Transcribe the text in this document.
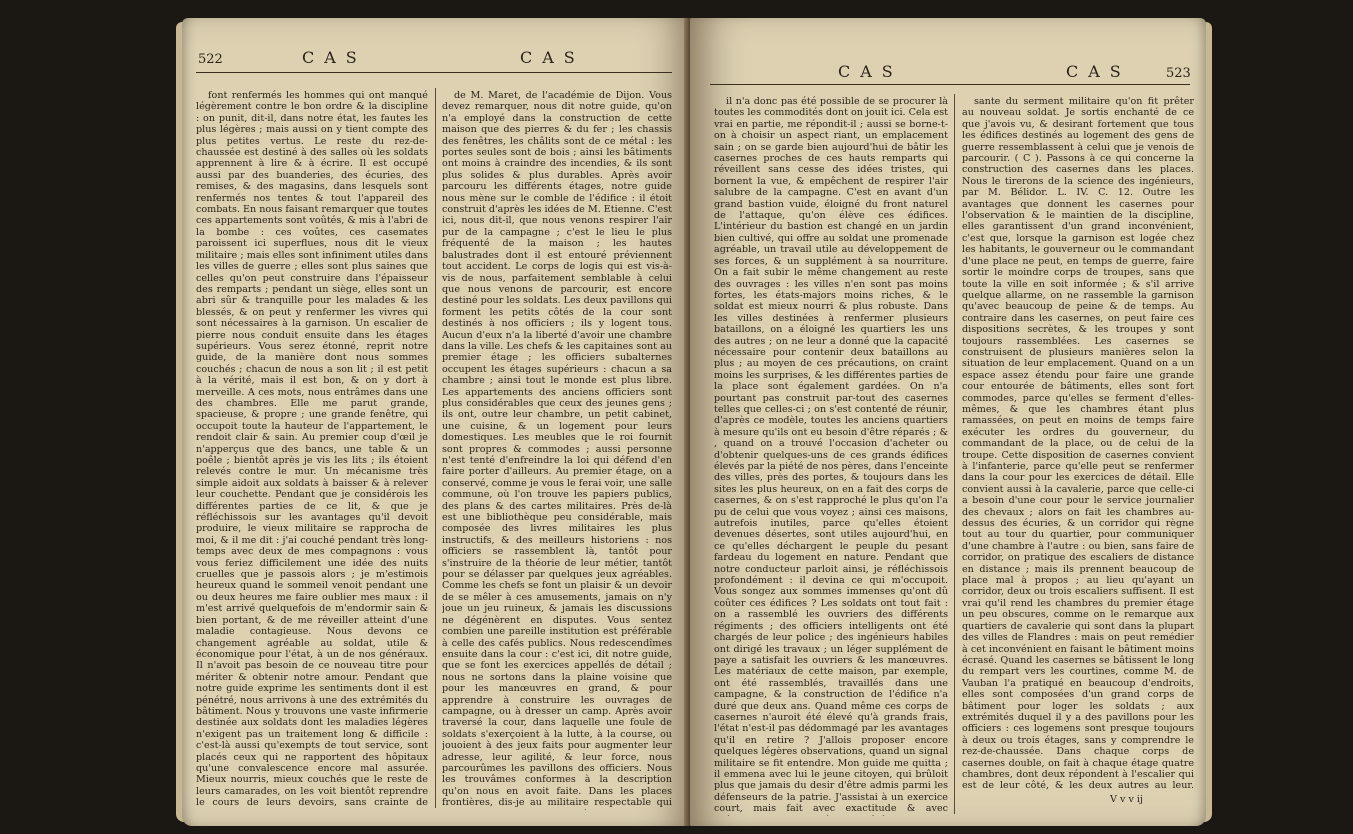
522	CAS	CAS

font renfermés les hommes qui ont manqué légèrement contre le bon ordre & la discipline : on punit, dit-il, dans notre état, les fautes les plus légères ; mais aussi on y tient compte des plus petites vertus. Le reste du rez-de-chaussée est destiné à des salles où les soldats apprennent à lire & à écrire. Il est occupé aussi par des buanderies, des écuries, des remises, & des magasins, dans lesquels sont renfermés nos tentes & tout l'appareil des combats. En nous faisant remarquer que toutes ces appartements sont voûtés, & mis à l'abri de la bombe : ces voûtes, ces casemates paroissent ici superflues, nous dit le vieux militaire ; mais elles sont infiniment utiles dans les villes de guerre ; elles sont plus saines que celles qu'on peut construire dans l'épaisseur des remparts ; pendant un siège, elles sont un abri sûr & tranquille pour les malades & les blessés, & on peut y renfermer les vivres qui sont nécessaires à la garnison. Un escalier de pierre nous conduit ensuite dans les étages supérieurs. Vous serez étonné, reprit notre guide, de la manière dont nous sommes couchés ; chacun de nous a son lit ; il est petit à la vérité, mais il est bon, & on y dort à merveille. A ces mots, nous entrâmes dans une des chambres. Elle me parut grande, spacieuse, & propre ; une grande fenêtre, qui occupoit toute la hauteur de l'appartement, le rendoit clair & sain. Au premier coup d'œil je n'apperçus que des bancs, une table & un poêle ; bientôt après je vis les lits ; ils étoient relevés contre le mur. Un mécanisme très simple aidoit aux soldats à baisser & à relever leur couchette. Pendant que je considérois les différentes parties de ce lit, & que je réfléchissois sur les avantages qu'il devoit produire, le vieux militaire se rapprocha de moi, & il me dit : j'ai couché pendant très long-temps avec deux de mes compagnons : vous vous feriez difficilement une idée des nuits cruelles que je passois alors ; je m'estimois heureux quand le sommeil venoit pendant une ou deux heures me faire oublier mes maux : il m'est arrivé quelquefois de m'endormir sain & bien portant, & de me réveiller atteint d'une maladie contagieuse. Nous devons ce changement agréable au soldat, utile & économique pour l'état, à un de nos généraux. Il n'avoit pas besoin de ce nouveau titre pour mériter & obtenir notre amour. Pendant que notre guide exprime les sentiments dont il est pénétré, nous arrivons à une des extrémités du bâtiment. Nous y trouvons une vaste infirmerie destinée aux soldats dont les maladies légères n'exigent pas un traitement long & difficile : c'est-là aussi qu'exempts de tout service, sont placés ceux qui ne rapportent des hôpitaux qu'une convalescence encore mal assurée. Mieux nourris, mieux couchés que le reste de leurs camarades, on les voit bientôt reprendre le cours de leurs devoirs, sans crainte de

de M. Maret, de l'académie de Dijon. Vous devez remarquer, nous dit notre guide, qu'on n'a employé dans la construction de cette maison que des pierres & du fer ; les chassis des fenêtres, les châlits sont de ce métal : les portes seules sont de bois ; ainsi les bâtiments ont moins à craindre des incendies, & ils sont plus solides & plus durables. Après avoir parcouru les différents étages, notre guide nous mène sur le comble de l'édifice : il étoit construit d'après les idées de M. Etienne. C'est ici, nous dit-il, que nous venons respirer l'air pur de la campagne ; c'est le lieu le plus fréquenté de la maison ; les hautes balustrades dont il est entouré préviennent tout accident. Le corps de logis qui est vis-à-vis de nous, parfaitement semblable à celui que nous venons de parcourir, est encore destiné pour les soldats. Les deux pavillons qui forment les petits côtés de la cour sont destinés à nos officiers ; ils y logent tous. Aucun d'eux n'a la liberté d'avoir une chambre dans la ville. Les chefs & les capitaines sont au premier étage ; les officiers subalternes occupent les étages supérieurs : chacun a sa chambre ; ainsi tout le monde est plus libre. Les appartements des anciens officiers sont plus considérables que ceux des jeunes gens ; ils ont, outre leur chambre, un petit cabinet, une cuisine, & un logement pour leurs domestiques. Les meubles que le roi fournit sont propres & commodes ; aussi personne n'est tenté d'enfreindre la loi qui défend d'en faire porter d'ailleurs. Au premier étage, on a conservé, comme je vous le ferai voir, une salle commune, où l'on trouve les papiers publics, des plans & des cartes militaires. Près de-là est une bibliothèque peu considérable, mais composée des livres militaires les plus instructifs, & des meilleurs historiens : nos officiers se rassemblent là, tantôt pour s'instruire de la théorie de leur métier, tantôt pour se délasser par quelques jeux agréables. Comme les chefs se font un plaisir & un devoir de se mêler à ces amusements, jamais on n'y joue un jeu ruineux, & jamais les discussions ne dégénèrent en disputes. Vous sentez combien une pareille institution est préférable à celle des cafés publics. Nous redescendîmes ensuite dans la cour : c'est ici, dit notre guide, que se font les exercices appellés de détail ; nous ne sortons dans la plaine voisine que pour les manœuvres en grand, & pour apprendre à construire les ouvrages de campagne, ou à dresser un camp. Après avoir traversé la cour, dans laquelle une foule de soldats s'exerçoient à la lutte, à la course, ou jouoient à des jeux faits pour augmenter leur adresse, leur agilité, & leur force, nous parcourûmes les pavillons des officiers. Nous les trouvâmes conformes à la description qu'on nous en avoit faite. Dans les places frontières, dis-je au militaire respectable qui

CAS	CAS	523

il n'a donc pas été possible de se procurer là toutes les commodités dont on jouit ici. Cela est vrai en partie, me répondit-il ; aussi se borne-t-on à choisir un aspect riant, un emplacement sain ; on se garde bien aujourd'hui de bâtir les casernes proches de ces hauts remparts qui réveillent sans cesse des idées tristes, qui bornent la vue, & empêchent de respirer l'air salubre de la campagne. C'est en avant d'un grand bastion vuide, éloigné du front naturel de l'attaque, qu'on élève ces édifices. L'intérieur du bastion est changé en un jardin bien cultivé, qui offre au soldat une promenade agréable, un travail utile au développement de ses forces, & un supplément à sa nourriture. On a fait subir le même changement au reste des ouvrages : les villes n'en sont pas moins fortes, les états-majors moins riches, & le soldat est mieux nourri & plus robuste. Dans les villes destinées à renfermer plusieurs bataillons, on a éloigné les quartiers les uns des autres ; on ne leur a donné que la capacité nécessaire pour contenir deux bataillons au plus ; au moyen de ces précautions, on craint moins les surprises, & les différentes parties de la place sont également gardées. On n'a pourtant pas construit par-tout des casernes telles que celles-ci ; on s'est contenté de réunir, d'après ce modèle, toutes les anciens quartiers à mesure qu'ils ont eu besoin d'être réparés ; & , quand on a trouvé l'occasion d'acheter ou d'obtenir quelques-uns de ces grands édifices élevés par la piété de nos pères, dans l'enceinte des villes, près des portes, & toujours dans les sites les plus heureux, on en a fait des corps de casernes, & on s'est rapproché le plus qu'on l'a pu de celui que vous voyez ; ainsi ces maisons, autrefois inutiles, parce qu'elles étoient devenues désertes, sont utiles aujourd'hui, en ce qu'elles déchargent le peuple du pesant fardeau du logement en nature. Pendant que notre conducteur parloit ainsi, je réfléchissois profondément : il devina ce qui m'occupoit. Vous songez aux sommes immenses qu'ont dû coûter ces édifices ? Les soldats ont tout fait : on a rassemblé les ouvriers des différents régiments ; des officiers intelligents ont été chargés de leur police ; des ingénieurs habiles ont dirigé les travaux ; un léger supplément de paye a satisfait les ouvriers & les manœuvres. Les matériaux de cette maison, par exemple, ont été rassemblés, travaillés dans une campagne, & la construction de l'édifice n'a duré que deux ans. Quand même ces corps de casernes n'auroit été élevé qu'à grands frais, l'état n'est-il pas dédommagé par les avantages qu'il en retire ? J'allois proposer encore quelques légères observations, quand un signal militaire se fit entendre. Mon guide me quitta ; il emmena avec lui le jeune citoyen, qui brûloit plus que jamais du desir d'être admis parmi les défenseurs de la patrie. J'assistai à un exercice court, mais fait avec exactitude & avec

sante du serment militaire qu'on fit prêter au nouveau soldat. Je sortis enchanté de ce que j'avois vu, & desirant fortement que tous les édifices destinés au logement des gens de guerre ressemblassent à celui que je venois de parcourir. ( C ). Passons à ce qui concerne la construction des casernes dans les places. Nous le tirerons de la science des ingénieurs, par M. Bélidor. L. IV. C. 12. Outre les avantages que donnent les casernes pour l'observation & le maintien de la discipline, elles garantissent d'un grand inconvénient, c'est que, lorsque la garnison est logée chez les habitants, le gouverneur ou le commandant d'une place ne peut, en temps de guerre, faire sortir le moindre corps de troupes, sans que toute la ville en soit informée ; & s'il arrive quelque allarme, on ne rassemble la garnison qu'avec beaucoup de peine & de temps. Au contraire dans les casernes, on peut faire ces dispositions secrètes, & les troupes y sont toujours rassemblées. Les casernes se construisent de plusieurs manières selon la situation de leur emplacement. Quand on a un espace assez étendu pour faire une grande cour entourée de bâtiments, elles sont fort commodes, parce qu'elles se ferment d'elles-mêmes, & que les chambres étant plus ramassées, on peut en moins de temps faire exécuter les ordres du gouverneur, du commandant de la place, ou de celui de la troupe. Cette disposition de casernes convient à l'infanterie, parce qu'elle peut se renfermer dans la cour pour les exercices de détail. Elle convient aussi à la cavalerie, parce que celle-ci a besoin d'une cour pour le service journalier des chevaux ; alors on fait les chambres au-dessus des écuries, & un corridor qui règne tout au tour du quartier, pour communiquer d'une chambre à l'autre : ou bien, sans faire de corridor, on pratique des escaliers de distance en distance ; mais ils prennent beaucoup de place mal à propos ; au lieu qu'ayant un corridor, deux ou trois escaliers suffisent. Il est vrai qu'il rend les chambres du premier étage un peu obscures, comme on le remarque aux quartiers de cavalerie qui sont dans la plupart des villes de Flandres : mais on peut remédier à cet inconvénient en faisant le bâtiment moins écrasé. Quand les casernes se bâtissent le long du rempart vers les courtines, comme M. de Vauban l'a pratiqué en beaucoup d'endroits, elles sont composées d'un grand corps de bâtiment pour loger les soldats ; aux extrémités duquel il y a des pavillons pour les officiers : ces logemens sont presque toujours à deux ou trois étages, sans y comprendre le rez-de-chaussée. Dans chaque corps de casernes double, on fait à chaque étage quatre chambres, dont deux répondent à l'escalier qui est de leur côté, & les deux autres au leur.

V v v ij
